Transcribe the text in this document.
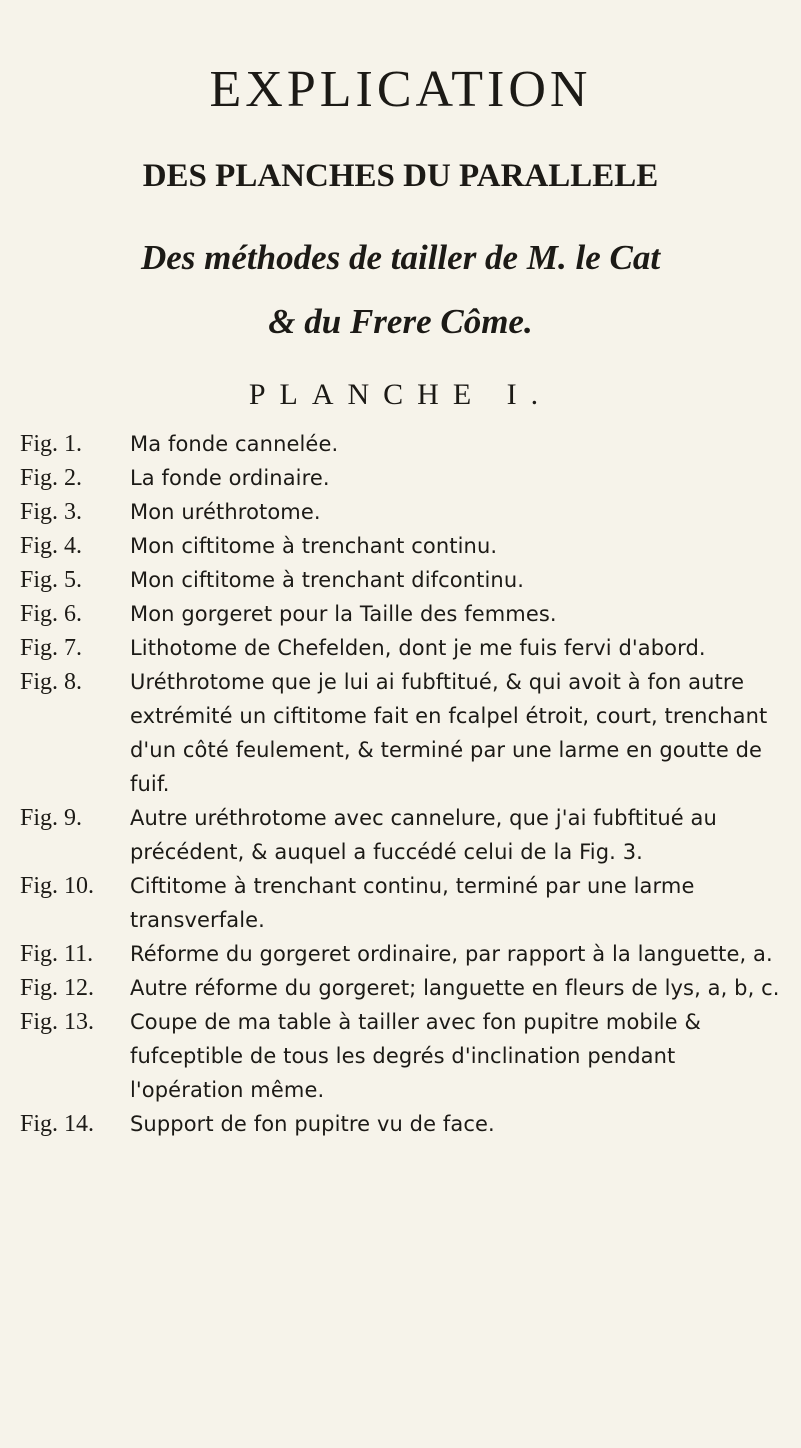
EXPLICATION
DES PLANCHES DU PARALLELE

Des méthodes de tailler de M. le Cat

& du Frere Côme.

PLANCHE I.

Fig. 1.	Ma fonde cannelée.
Fig. 2.	La fonde ordinaire.
Fig. 3.	Mon uréthrotome.
Fig. 4.	Mon ciftitome à trenchant continu.
Fig. 5.	Mon ciftitome à trenchant difcontinu.
Fig. 6.	Mon gorgeret pour la Taille des femmes.
Fig. 7.	Lithotome de Chefelden, dont je me fuis fervi d'abord.
Fig. 8.	Uréthrotome que je lui ai fubftitué, & qui avoit à fon autre extrémité un ciftitome fait en fcalpel étroit, court, trenchant d'un côté feulement, & terminé par une larme en goutte de fuif.
Fig. 9.	Autre uréthrotome avec cannelure, que j'ai fubftitué au précédent, & auquel a fuccédé celui de la Fig. 3.
Fig. 10.	Ciftitome à trenchant continu, terminé par une larme transverfale.
Fig. 11.	Réforme du gorgeret ordinaire, par rapport à la languette, a.
Fig. 12.	Autre réforme du gorgeret; languette en fleurs de lys, a, b, c.
Fig. 13.	Coupe de ma table à tailler avec fon pupitre mobile & fufceptible de tous les degrés d'inclination pendant l'opération même.
Fig. 14.	Support de fon pupitre vu de face.
